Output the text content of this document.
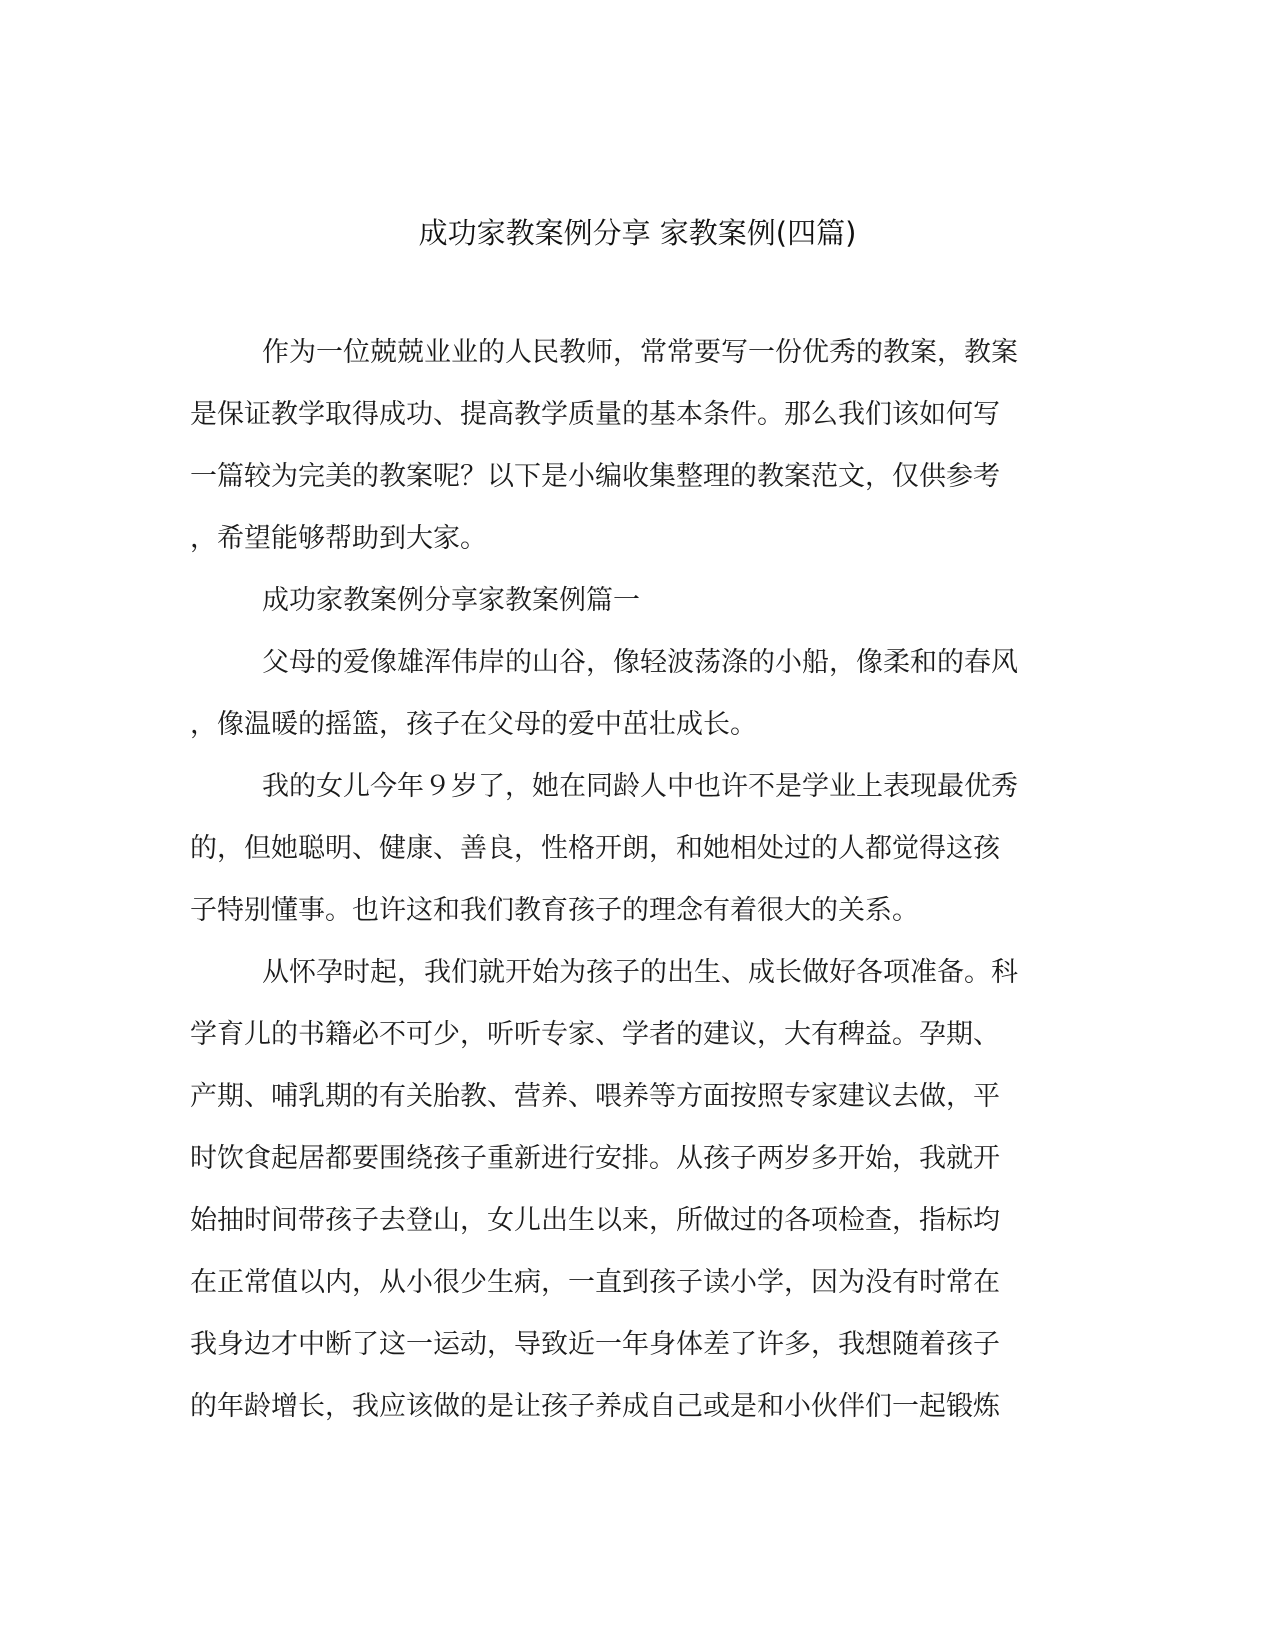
成功家教案例分享 家教案例(四篇)
作为一位兢兢业业的人民教师，常常要写一份优秀的教案，教案
是保证教学取得成功、提高教学质量的基本条件。那么我们该如何写
一篇较为完美的教案呢？以下是小编收集整理的教案范文，仅供参考
，希望能够帮助到大家。
成功家教案例分享家教案例篇一
父母的爱像雄浑伟岸的山谷，像轻波荡涤的小船，像柔和的春风
，像温暖的摇篮，孩子在父母的爱中茁壮成长。
我的女儿今年９岁了，她在同龄人中也许不是学业上表现最优秀
的，但她聪明、健康、善良，性格开朗，和她相处过的人都觉得这孩
子特别懂事。也许这和我们教育孩子的理念有着很大的关系。
从怀孕时起，我们就开始为孩子的出生、成长做好各项准备。科
学育儿的书籍必不可少，听听专家、学者的建议，大有稗益。孕期、
产期、哺乳期的有关胎教、营养、喂养等方面按照专家建议去做，平
时饮食起居都要围绕孩子重新进行安排。从孩子两岁多开始，我就开
始抽时间带孩子去登山，女儿出生以来，所做过的各项检查，指标均
在正常值以内，从小很少生病，一直到孩子读小学，因为没有时常在
我身边才中断了这一运动，导致近一年身体差了许多，我想随着孩子
的年龄增长，我应该做的是让孩子养成自己或是和小伙伴们一起锻炼
